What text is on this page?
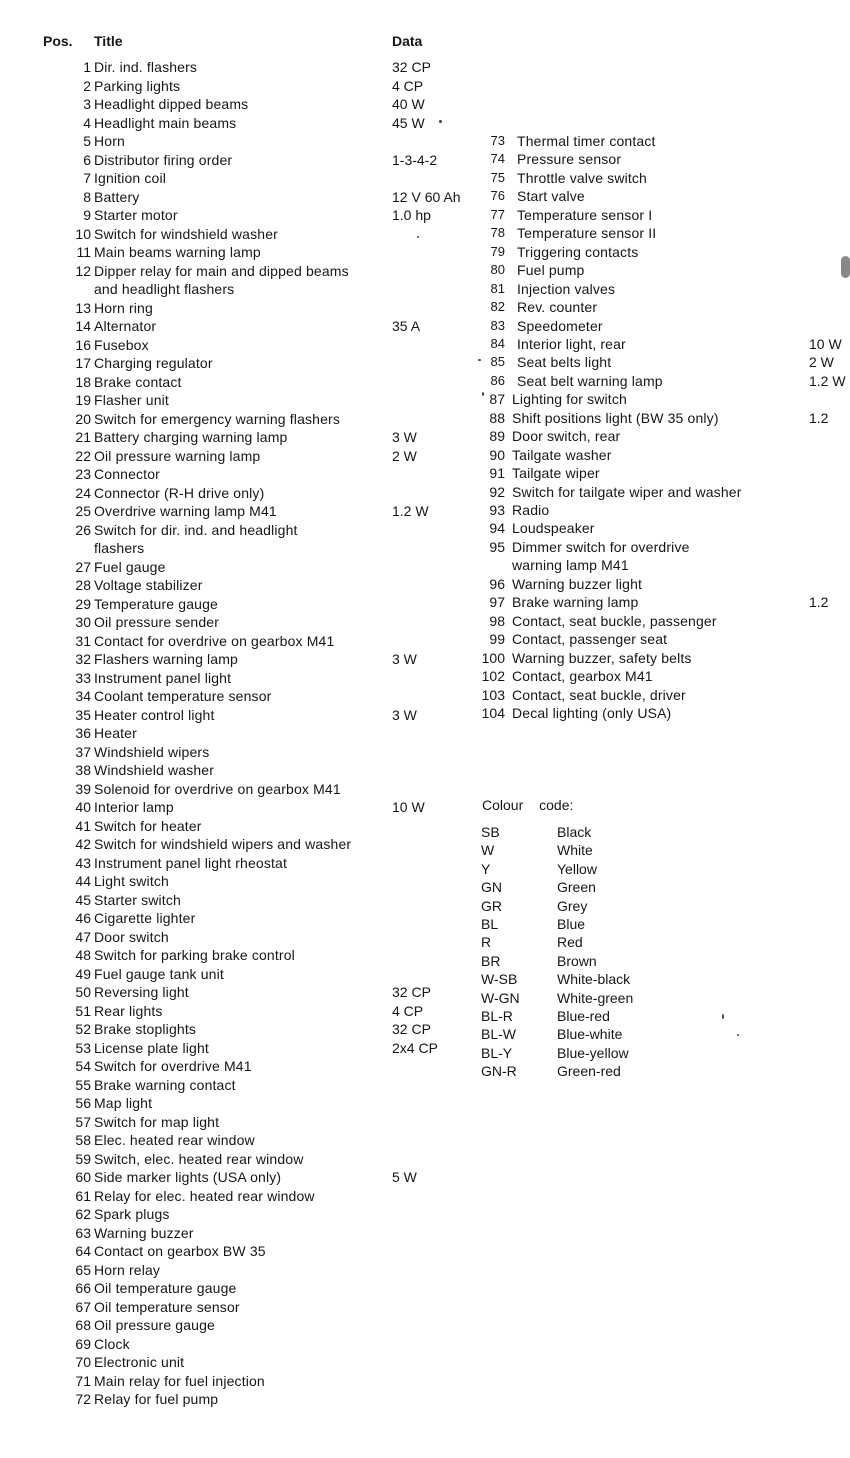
Pos. Title	Data
1 Dir. ind. flashers	32 CP
2 Parking lights	4 CP
3 Headlight dipped beams	40 W
4 Headlight main beams	45 W
5 Horn
6 Distributor firing order	1-3-4-2
7 Ignition coil
8 Battery	12 V 60 Ah
9 Starter motor	1.0 hp
10 Switch for windshield washer
11 Main beams warning lamp
12 Dipper relay for main and dipped beams
and headlight flashers
13 Horn ring
14 Alternator	35 A
16 Fusebox
17 Charging regulator
18 Brake contact
19 Flasher unit
20 Switch for emergency warning flashers
21 Battery charging warning lamp	3 W
22 Oil pressure warning lamp	2 W
23 Connector
24 Connector (R-H drive only)
25 Overdrive warning lamp M41	1.2 W
26 Switch for dir. ind. and headlight
flashers
27 Fuel gauge
28 Voltage stabilizer
29 Temperature gauge
30 Oil pressure sender
31 Contact for overdrive on gearbox M41
32 Flashers warning lamp	3 W
33 Instrument panel light
34 Coolant temperature sensor
35 Heater control light	3 W
36 Heater
37 Windshield wipers
38 Windshield washer
39 Solenoid for overdrive on gearbox M41
40 Interior lamp	10 W
41 Switch for heater
42 Switch for windshield wipers and washer
43 Instrument panel light rheostat
44 Light switch
45 Starter switch
46 Cigarette lighter
47 Door switch
48 Switch for parking brake control
49 Fuel gauge tank unit
50 Reversing light	32 CP
51 Rear lights	4 CP
52 Brake stoplights	32 CP
53 License plate light	2x4 CP
54 Switch for overdrive M41
55 Brake warning contact
56 Map light
57 Switch for map light
58 Elec. heated rear window
59 Switch, elec. heated rear window
60 Side marker lights (USA only)	5 W
61 Relay for elec. heated rear window
62 Spark plugs
63 Warning buzzer
64 Contact on gearbox BW 35
65 Horn relay
66 Oil temperature gauge
67 Oil temperature sensor
68 Oil pressure gauge
69 Clock
70 Electronic unit
71 Main relay for fuel injection
72 Relay for fuel pump
73 Thermal timer contact
74 Pressure sensor
75 Throttle valve switch
76 Start valve
77 Temperature sensor I
78 Temperature sensor II
79 Triggering contacts
80 Fuel pump
81 Injection valves
82 Rev. counter
83 Speedometer
84 Interior light, rear	10 W
85 Seat belts light	2 W
86 Seat belt warning lamp	1.2 W
87 Lighting for switch
88 Shift positions light (BW 35 only)	1.2
89 Door switch, rear
90 Tailgate washer
91 Tailgate wiper
92 Switch for tailgate wiper and washer
93 Radio
94 Loudspeaker
95 Dimmer switch for overdrive
warning lamp M41
96 Warning buzzer light
97 Brake warning lamp	1.2
98 Contact, seat buckle, passenger
99 Contact, passenger seat
100 Warning buzzer, safety belts
102 Contact, gearbox M41
103 Contact, seat buckle, driver
104 Decal lighting (only USA)
Colour code:
SB	Black
W	White
Y	Yellow
GN	Green
GR	Grey
BL	Blue
R	Red
BR	Brown
W-SB	White-black
W-GN	White-green
BL-R	Blue-red
BL-W	Blue-white
BL-Y	Blue-yellow
GN-R	Green-red
